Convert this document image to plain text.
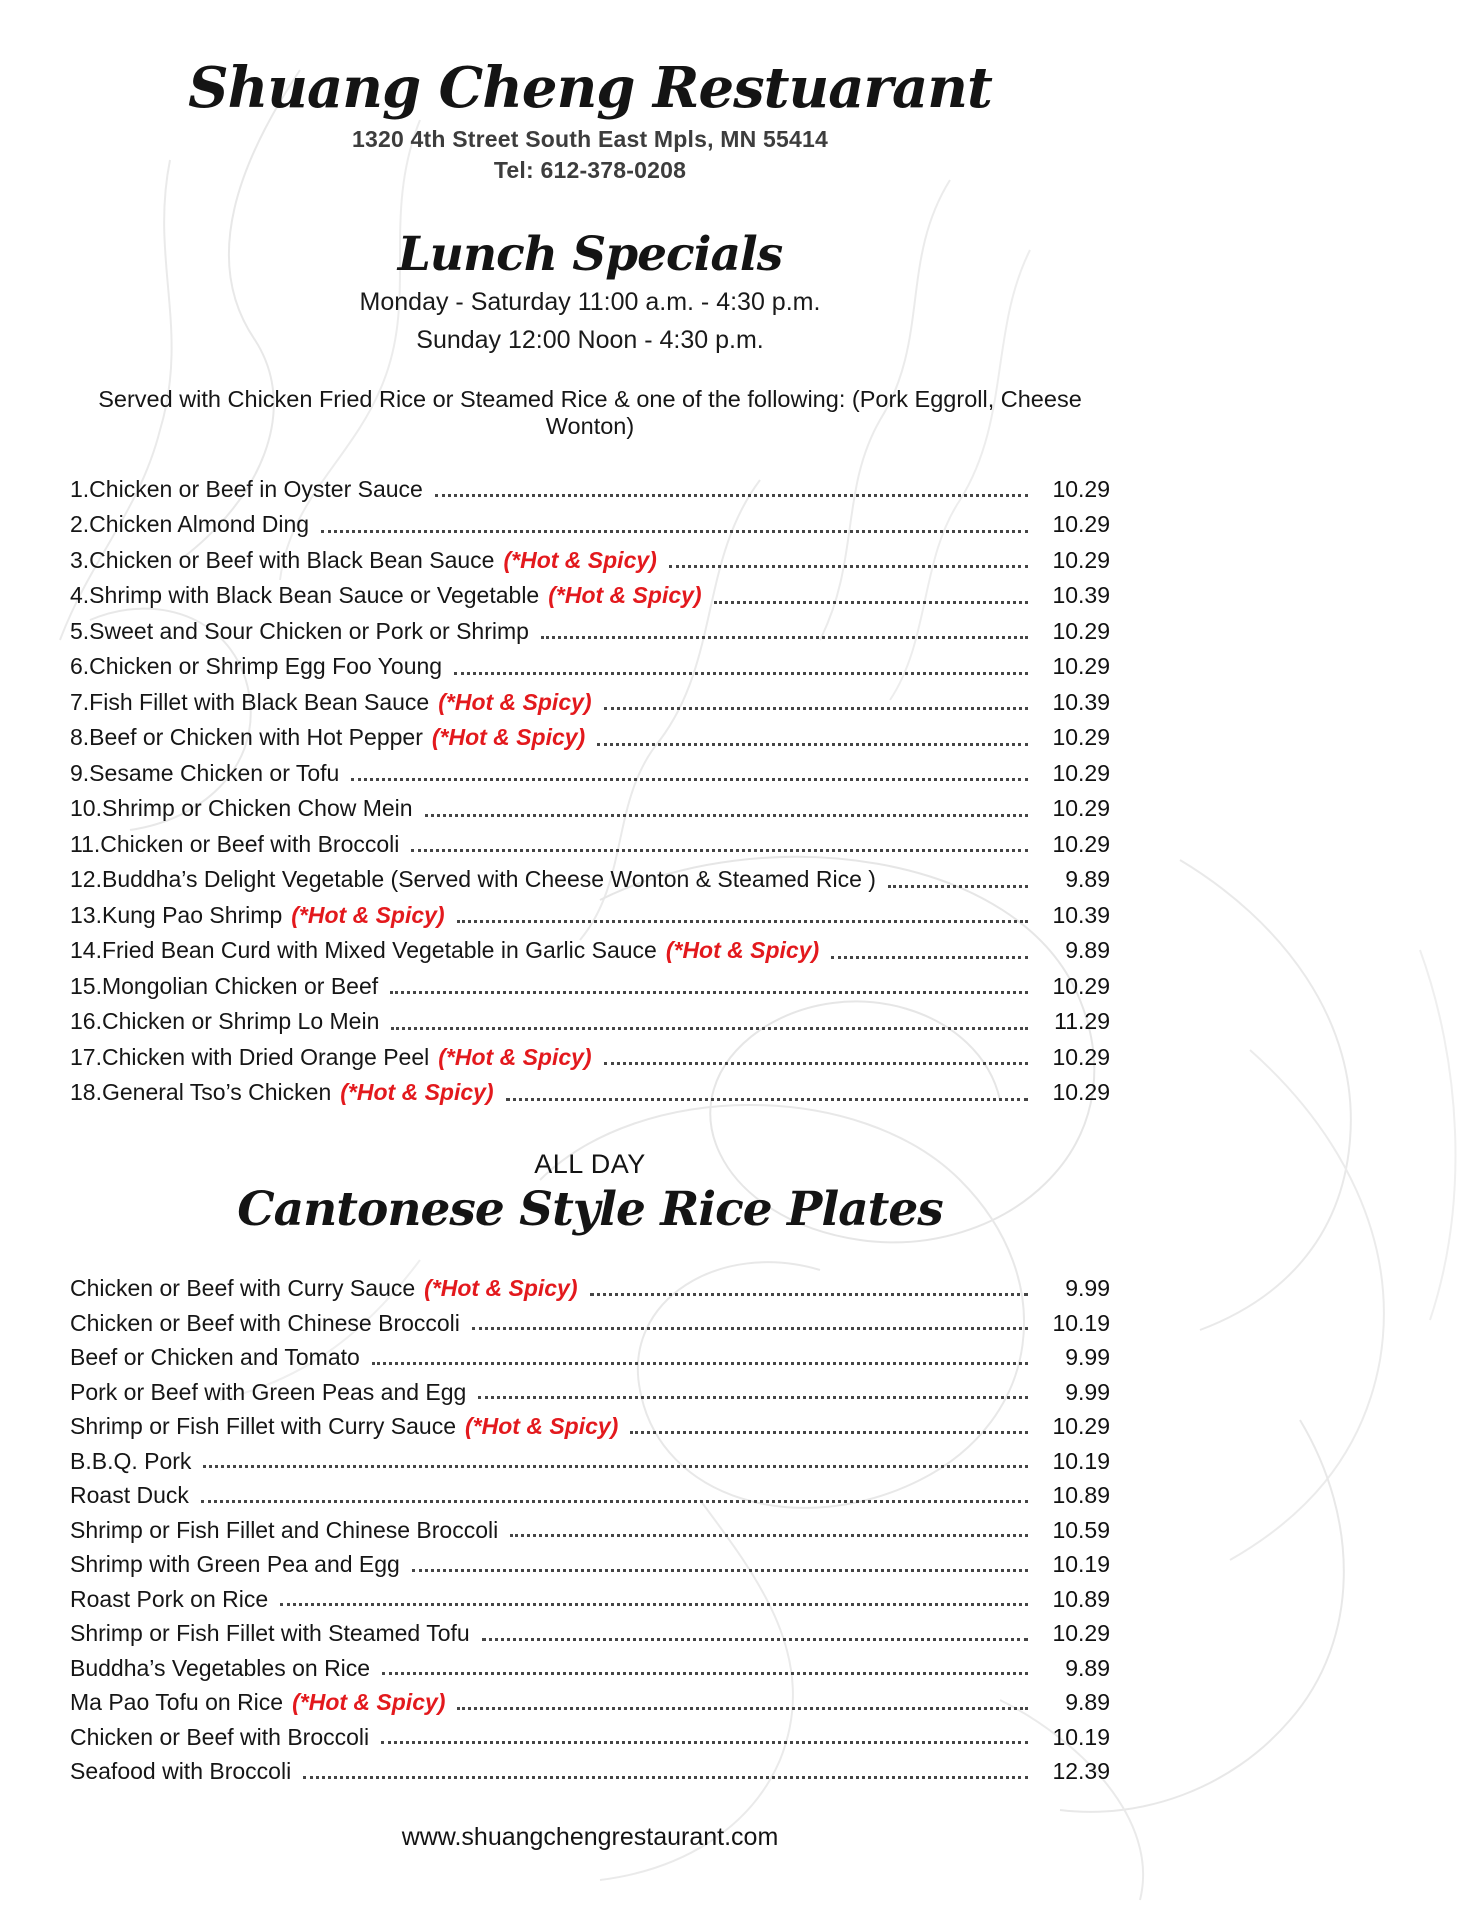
Shuang Cheng Restuarant
1320 4th Street South East Mpls, MN 55414
Tel: 612-378-0208
Lunch Specials
Monday - Saturday 11:00 a.m. - 4:30 p.m.
Sunday 12:00 Noon - 4:30 p.m.
Served with Chicken Fried Rice or Steamed Rice & one of the following: (Pork Eggroll, Cheese Wonton)
1.Chicken or Beef in Oyster Sauce	10.29
2.Chicken Almond Ding	10.29
3.Chicken or Beef with Black Bean Sauce (*Hot & Spicy)	10.29
4.Shrimp with Black Bean Sauce or Vegetable (*Hot & Spicy)	10.39
5.Sweet and Sour Chicken or Pork or Shrimp	10.29
6.Chicken or Shrimp Egg Foo Young	10.29
7.Fish Fillet with Black Bean Sauce (*Hot & Spicy)	10.39
8.Beef or Chicken with Hot Pepper (*Hot & Spicy)	10.29
9.Sesame Chicken or Tofu	10.29
10.Shrimp or Chicken Chow Mein	10.29
11.Chicken or Beef with Broccoli	10.29
12.Buddha’s Delight Vegetable (Served with Cheese Wonton & Steamed Rice )	9.89
13.Kung Pao Shrimp (*Hot & Spicy)	10.39
14.Fried Bean Curd with Mixed Vegetable in Garlic Sauce (*Hot & Spicy)	9.89
15.Mongolian Chicken or Beef	10.29
16.Chicken or Shrimp Lo Mein	11.29
17.Chicken with Dried Orange Peel (*Hot & Spicy)	10.29
18.General Tso’s Chicken (*Hot & Spicy)	10.29
ALL DAY
Cantonese Style Rice Plates
Chicken or Beef with Curry Sauce (*Hot & Spicy)	9.99
Chicken or Beef with Chinese Broccoli	10.19
Beef or Chicken and Tomato	9.99
Pork or Beef with Green Peas and Egg	9.99
Shrimp or Fish Fillet with Curry Sauce (*Hot & Spicy)	10.29
B.B.Q. Pork	10.19
Roast Duck	10.89
Shrimp or Fish Fillet and Chinese Broccoli	10.59
Shrimp with Green Pea and Egg	10.19
Roast Pork on Rice	10.89
Shrimp or Fish Fillet with Steamed Tofu	10.29
Buddha’s Vegetables on Rice	9.89
Ma Pao Tofu on Rice (*Hot & Spicy)	9.89
Chicken or Beef with Broccoli	10.19
Seafood with Broccoli	12.39
www.shuangchengrestaurant.com
